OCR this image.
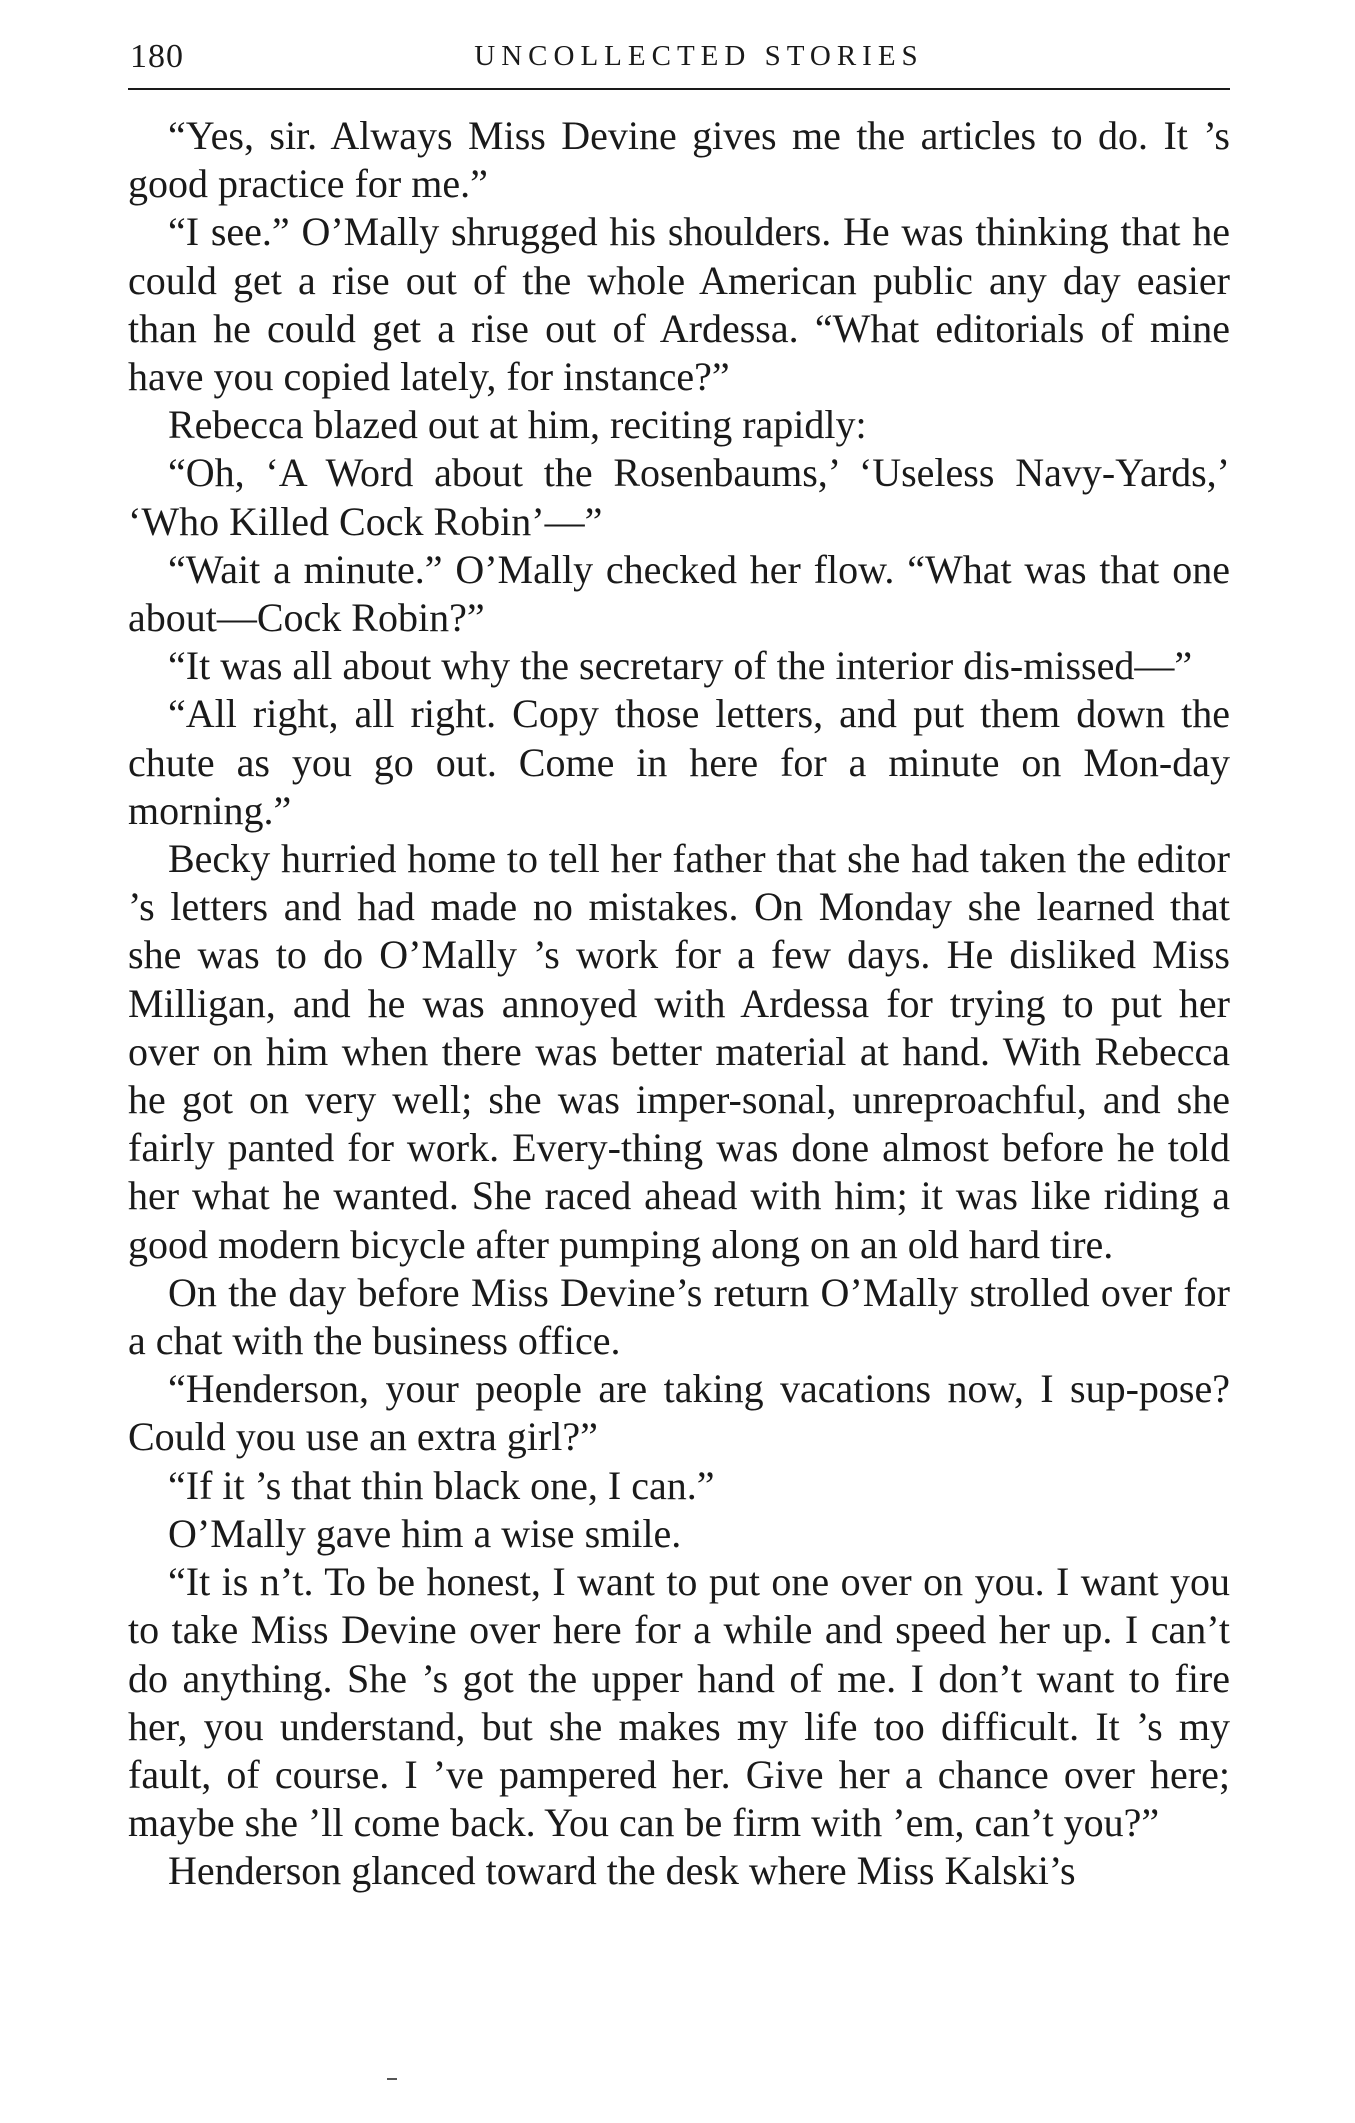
180	UNCOLLECTED STORIES

“Yes, sir. Always Miss Devine gives me the articles to do. It ’s good practice for me.”

“I see.” O’Mally shrugged his shoulders. He was thinking that he could get a rise out of the whole American public any day easier than he could get a rise out of Ardessa. “What editorials of mine have you copied lately, for instance?”

Rebecca blazed out at him, reciting rapidly:

“Oh, ‘A Word about the Rosenbaums,’ ‘Useless Navy-Yards,’ ‘Who Killed Cock Robin’—”

“Wait a minute.” O’Mally checked her flow. “What was that one about—Cock Robin?”

“It was all about why the secretary of the interior dis-missed—”

“All right, all right. Copy those letters, and put them down the chute as you go out. Come in here for a minute on Mon-day morning.”

Becky hurried home to tell her father that she had taken the editor ’s letters and had made no mistakes. On Monday she learned that she was to do O’Mally ’s work for a few days. He disliked Miss Milligan, and he was annoyed with Ardessa for trying to put her over on him when there was better material at hand. With Rebecca he got on very well; she was imper-sonal, unreproachful, and she fairly panted for work. Every-thing was done almost before he told her what he wanted. She raced ahead with him; it was like riding a good modern bicycle after pumping along on an old hard tire.

On the day before Miss Devine’s return O’Mally strolled over for a chat with the business office.

“Henderson, your people are taking vacations now, I sup-pose? Could you use an extra girl?”

“If it ’s that thin black one, I can.”

O’Mally gave him a wise smile.

“It is n’t. To be honest, I want to put one over on you. I want you to take Miss Devine over here for a while and speed her up. I can’t do anything. She ’s got the upper hand of me. I don’t want to fire her, you understand, but she makes my life too difficult. It ’s my fault, of course. I ’ve pampered her. Give her a chance over here; maybe she ’ll come back. You can be firm with ’em, can’t you?”

Henderson glanced toward the desk where Miss Kalski’s
